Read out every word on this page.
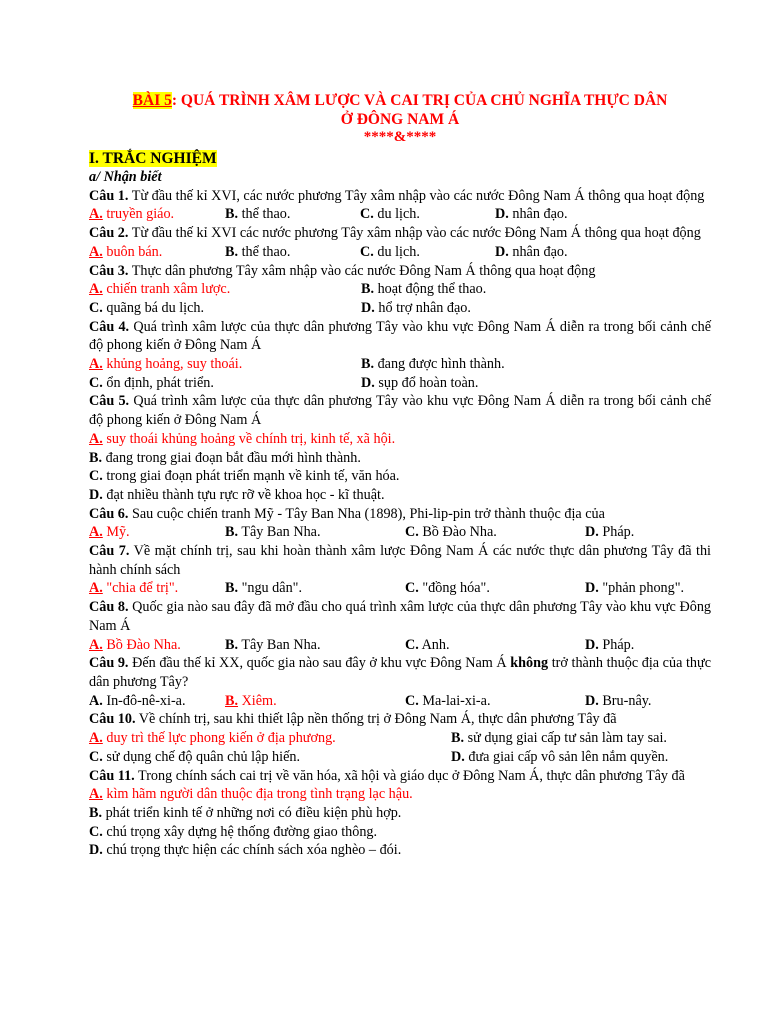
BÀI 5: QUÁ TRÌNH XÂM LƯỢC VÀ CAI TRỊ CỦA CHỦ NGHĨA THỰC DÂN
Ở ĐÔNG NAM Á
****&****
I. TRẮC NGHIỆM
a/ Nhận biết
Câu 1. Từ đầu thế kỉ XVI, các nước phương Tây xâm nhập vào các nước Đông Nam Á thông qua hoạt động
A. truyền giáo.	B. thể thao.	C. du lịch.	D. nhân đạo.
Câu 2. Từ đầu thế kỉ XVI các nước phương Tây xâm nhập vào các nước Đông Nam Á thông qua hoạt động
A. buôn bán.	B. thể thao.	C. du lịch.	D. nhân đạo.
Câu 3. Thực dân phương Tây xâm nhập vào các nước Đông Nam Á thông qua hoạt động
A. chiến tranh xâm lược.	B. hoạt động thể thao.
C. quãng bá du lịch.	D. hổ trợ nhân đạo.
Câu 4. Quá trình xâm lược của thực dân phương Tây vào khu vực Đông Nam Á diễn ra trong bối cảnh chế độ phong kiến ở Đông Nam Á
A. khủng hoảng, suy thoái.	B. đang được hình thành.
C. ổn định, phát triển.	D. sụp đổ hoàn toàn.
Câu 5. Quá trình xâm lược của thực dân phương Tây vào khu vực Đông Nam Á diễn ra trong bối cảnh chế độ phong kiến ở Đông Nam Á
A. suy thoái khủng hoảng về chính trị, kinh tế, xã hội.
B. đang trong giai đoạn bắt đầu mới hình thành.
C. trong giai đoạn phát triển mạnh về kinh tế, văn hóa.
D. đạt nhiều thành tựu rực rỡ về khoa học - kĩ thuật.
Câu 6. Sau cuộc chiến tranh Mỹ - Tây Ban Nha (1898), Phi-lip-pin trở thành thuộc địa của
A. Mỹ.	B. Tây Ban Nha.	C. Bồ Đào Nha.	D. Pháp.
Câu 7. Về mặt chính trị, sau khi hoàn thành xâm lược Đông Nam Á các nước thực dân phương Tây đã thi hành chính sách
A. "chia để trị".	B. "ngu dân".	C. "đồng hóa".	D. "phản phong".
Câu 8. Quốc gia nào sau đây đã mở đầu cho quá trình xâm lược của thực dân phương Tây vào khu vực Đông Nam Á
A. Bồ Đào Nha.	B. Tây Ban Nha.	C. Anh.	D. Pháp.
Câu 9. Đến đầu thế kỉ XX, quốc gia nào sau đây ở khu vực Đông Nam Á không trở thành thuộc địa của thực dân phương Tây?
A. In-đô-nê-xi-a.	B. Xiêm.	C. Ma-lai-xi-a.	D. Bru-nây.
Câu 10. Về chính trị, sau khi thiết lập nền thống trị ở Đông Nam Á, thực dân phương Tây đã
A. duy trì thế lực phong kiến ở địa phương.	B. sử dụng giai cấp tư sản làm tay sai.
C. sử dụng chế độ quân chủ lập hiến.	D. đưa giai cấp vô sản lên nắm quyền.
Câu 11. Trong chính sách cai trị về văn hóa, xã hội và giáo dục ở Đông Nam Á, thực dân phương Tây đã
A. kìm hãm người dân thuộc địa trong tình trạng lạc hậu.
B. phát triển kinh tế ở những nơi có điều kiện phù hợp.
C. chú trọng xây dựng hệ thống đường giao thông.
D. chú trọng thực hiện các chính sách xóa nghèo – đói.
